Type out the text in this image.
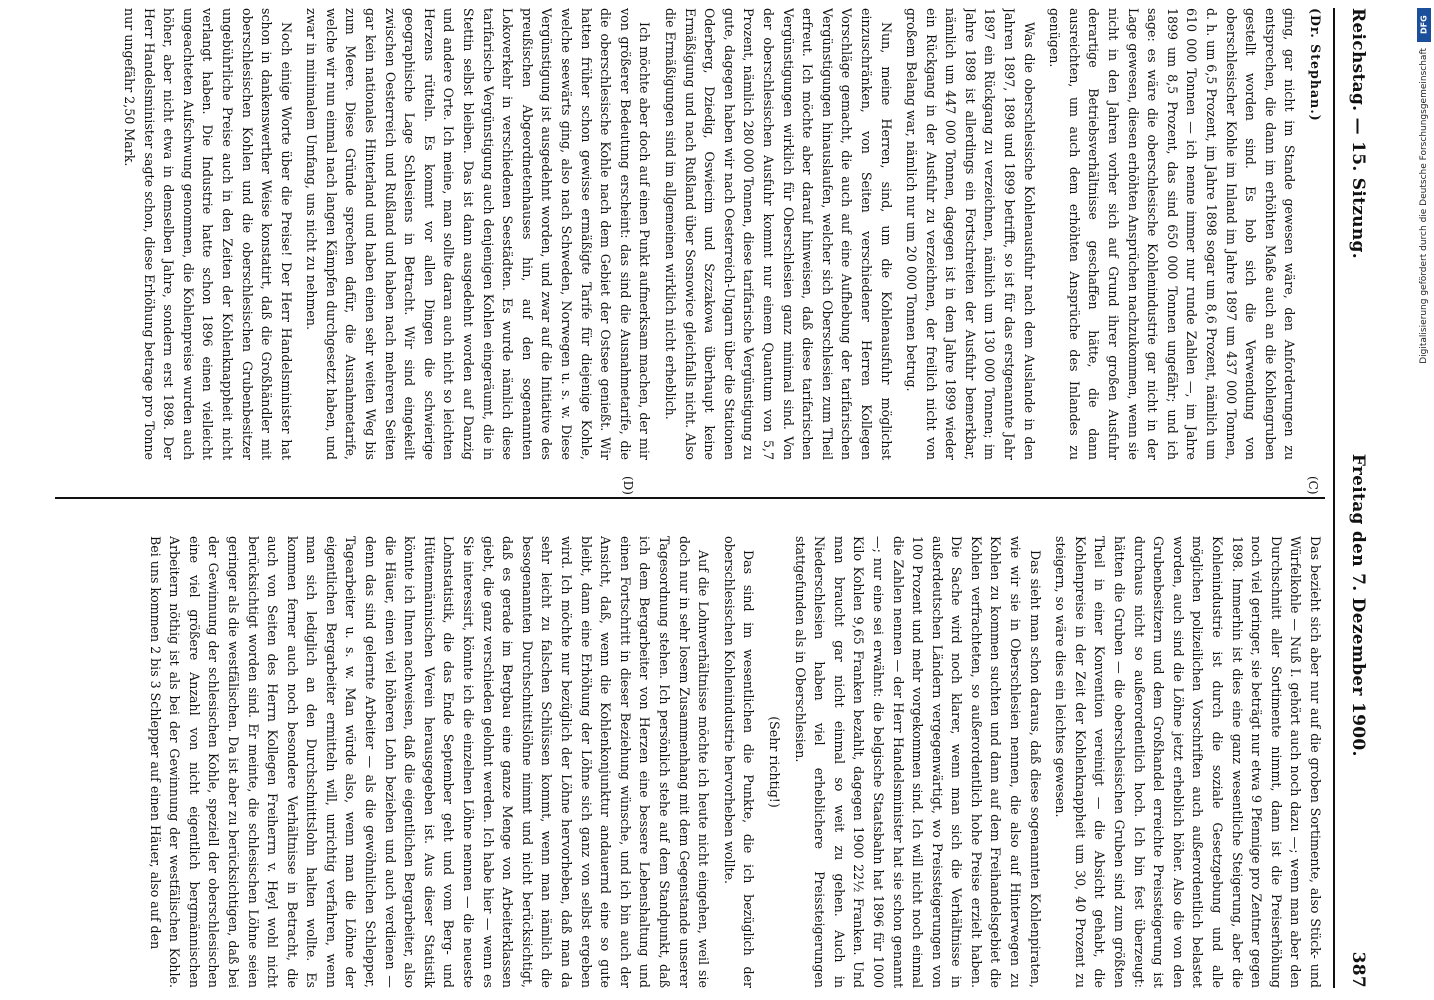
Reichstag. — 15. Sitzung.
Freitag den 7. Dezember 1900.
387

(Dr. Stephan.)

ging, gar nicht im Stande gewesen wäre, den Anforderungen zu entsprechen, die dann im erhöhten Maße auch an die Kohlengruben gestellt worden sind. Es hob sich die Verwendung von oberschlesischer Kohle im Inland im Jahre 1897 um 437 000 Tonnen, d. h. um 6,5 Prozent, im Jahre 1898 sogar um 8,6 Prozent, nämlich um 610 000 Tonnen — ich nenne immer nur runde Zahlen —, im Jahre 1899 um 8,5 Prozent, das sind 650 000 Tonnen ungefähr; und ich sage: es wäre die oberschlesische Kohlenindustrie gar nicht in der Lage gewesen, diesen erhöhten Ansprüchen nachzukommen, wenn sie nicht in den Jahren vorher sich auf Grund ihrer großen Ausfuhr derartige Betriebsverhältnisse geschaffen hätte, die dann ausreichten, um auch dem erhöhten Ansprüche des Inlandes zu genügen.

Was die oberschlesische Kohlenausfuhr nach dem Auslande in den Jahren 1897, 1898 und 1899 betrifft, so ist für das erstgenannte Jahr 1897 ein Rückgang zu verzeichnen, nämlich um 130 000 Tonnen; im Jahre 1898 ist allerdings ein Fortschreiten der Ausfuhr bemerkbar, nämlich um 447 000 Tonnen, dagegen ist in dem Jahre 1899 wieder ein Rückgang in der Ausfuhr zu verzeichnen, der freilich nicht von großem Belang war, nämlich nur um 20 000 Tonnen betrug.

Nun, meine Herren, sind, um die Kohlenausfuhr möglichst einzuschränken, von Seiten verschiedener Herren Kollegen Vorschläge gemacht, die auch auf eine Aufhebung der tarifarischen Vergünstigungen hinauslaufen, welcher sich Oberschlesien zum Theil erfreut. Ich möchte aber darauf hinweisen, daß diese tarifarischen Vergünstigungen wirklich für Oberschlesien ganz minimal sind. Von der oberschlesischen Ausfuhr kommt nur einem Quantum von 5,7 Prozent, nämlich 280 000 Tonnen, diese tarifarische Vergünstigung zu gute, dagegen haben wir nach Oesterreich-Ungarn über die Stationen Oderberg, Dziedig, Oswiecim und Szczakowa überhaupt keine Ermäßigung und nach Rußland über Sosnowice gleichfalls nicht. Also die Ermäßigungen sind im allgemeinen wirklich nicht erheblich.

Ich möchte aber doch auf einen Punkt aufmerksam machen, der mir von größerer Bedeutung erscheint: das sind die Ausnahmetarife, die die oberschlesische Kohle nach dem Gebiet der Ostsee genießt. Wir hatten früher schon gewisse ermäßigte Tarife für diejenige Kohle, welche seewärts ging, also nach Schweden, Norwegen u. s. w. Diese Vergünstigung ist ausgedehnt worden, und zwar auf die Initiative des preußischen Abgeordnetenhauses hin, auf den sogenannten Lokoverkehr in verschiedenen Seestädten. Es wurde nämlich diese tarifarische Vergünstigung auch denjenigen Kohlen eingeräumt, die in Stettin selbst bleiben. Das ist dann ausgedehnt worden auf Danzig und andere Orte. Ich meine, man sollte daran auch nicht so leichten Herzens rütteln. Es kommt vor allen Dingen die schwierige geographische Lage Schlesiens in Betracht. Wir sind eingekeilt zwischen Oesterreich und Rußland und haben nach mehreren Seiten gar kein nationales Hinterland und haben einen sehr weiten Weg bis zum Meere. Diese Gründe sprechen dafür, die Ausnahmetarife, welche wir nun einmal nach langen Kämpfen durchgesetzt haben, und zwar in minimalem Umfang, uns nicht zu nehmen.

Noch einige Worte über die Preise! Der Herr Handelsminister hat schon in dankenswerther Weise konstatirt, daß die Großhändler mit oberschlesischen Kohlen und die oberschlesischen Grubenbesitzer ungebührliche Preise auch in den Zeiten der Kohlenknappheit nicht verlangt haben. Die Industrie hatte schon 1896 einen vielleicht ungeachteten Aufschwung genommen, die Kohlenpreise wurden auch höher, aber nicht etwa in demselben Jahre, sondern erst 1898. Der Herr Handelsminister sagte schon, diese Erhöhung betrage pro Tonne nur ungefähr 2,50 Mark.

Das bezieht sich aber nur auf die groben Sortimente, also Stück- und Würfelkohle — Nuß I. gehört auch noch dazu —; wenn man aber den Durchschnitt aller Sortimente nimmt, dann ist die Preiserhöhung noch viel geringer, sie beträgt nur etwa 9 Pfennige pro Zentner gegen 1898. Immerhin ist dies eine ganz wesentliche Steigerung, aber die Kohlenindustrie ist durch die soziale Gesetzgebung und alle möglichen polizeilichen Vorschriften auch außerordentlich belastet worden, auch sind die Löhne jetzt erheblich höher. Also die von den Grubenbesitzern und dem Großhandel erreichte Preissteigerung ist durchaus nicht so außerordentlich hoch. Ich bin fest überzeugt: hätten die Gruben — die oberschlesischen Gruben sind zum größten Theil in einer Konvention vereinigt — die Absicht gehabt, die Kohlenpreise in der Zeit der Kohlenknappheit um 30, 40 Prozent zu steigern, so wäre dies ein leichtes gewesen.

Das sieht man schon daraus, daß diese sogenannten Kohlenpiraten, wie wir sie in Oberschlesien nennen, die also auf Hinterwegen zu Kohlen zu kommen suchten und dann auf dem Freihandelsgebiet die Kohlen verfrachteten, so außerordentlich hohe Preise erzielt haben. Die Sache wird noch klarer, wenn man sich die Verhältnisse in außerdeutschen Ländern vergegenwärtigt, wo Preissteigerungen von 100 Prozent und mehr vorgekommen sind. Ich will nicht noch einmal die Zahlen nennen — der Herr Handelsminister hat sie schon genannt —; nur eine sei erwähnt: die belgische Staatsbahn hat 1896 für 1000 Kilo Kohlen 9,65 Franken bezahlt, dagegen 1900 22½ Franken. Und man braucht gar nicht einmal so weit zu gehen. Auch in Niederschlesien haben viel erheblichere Preissteigerungen stattgefunden als in Oberschlesien.

(Sehr richtig!)

Das sind im wesentlichen die Punkte, die ich bezüglich der oberschlesischen Kohlenindustrie hervorheben wollte.

Auf die Lohnverhältnisse möchte ich heute nicht eingehen, weil sie doch nur in sehr losem Zusammenhang mit dem Gegenstande unserer Tagesordnung stehen. Ich persönlich stehe auf dem Standpunkt, daß ich dem Bergarbeiter von Herzen eine bessere Lebenshaltung und einen Fortschritt in dieser Beziehung wünsche, und ich bin auch der Ansicht, daß, wenn die Kohlenkonjunktur andauernd eine so gute bleibt, dann eine Erhöhung der Löhne sich ganz von selbst ergeben wird. Ich möchte nur bezüglich der Löhne hervorheben, daß man da sehr leicht zu falschen Schlüssen kommt, wenn man nämlich die besogenannten Durchschnittslöhne nimmt und nicht berücksichtigt, daß es gerade im Bergbau eine ganze Menge von Arbeiterklassen giebt, die ganz verschieden gelohnt werden. Ich habe hier — wenn es Sie interessirt, könnte ich die einzelnen Löhne nennen — die neueste Lohnstatistik, die das Ende September geht und vom Berg- und Hüttenmännischen Verein herausgegeben ist. Aus dieser Statistik könnte ich Ihnen nachweisen, daß die eigentlichen Bergarbeiter, also die Häuer, einen viel höheren Lohn beziehen und auch verdienen — denn das sind gelernte Arbeiter — als die gewöhnlichen Schlepper, Tagearbeiter u. s. w. Man würde also, wenn man die Löhne der eigentlichen Bergarbeiter ermitteln will, unrichtig verfahren, wenn man sich lediglich an den Durchschnittslohn halten wollte. Es kommen ferner auch noch besondere Verhältnisse in Betracht, die auch von Seiten des Herrn Kollegen Freiherrn v. Heyl wohl nicht berücksichtigt worden sind. Er meinte, die schlesischen Löhne seien geringer als die westfälischen. Da ist aber zu berücksichtigen, daß bei der Gewinnung der schlesischen Kohle, speziell der oberschlesischen eine viel größere Anzahl von nicht eigentlich bergmännischen Arbeitern nöthig ist als bei der Gewinnung der westfälischen Kohle. Bei uns kommen 2 bis 3 Schlepper auf einen Häuer, also auf den

(C)
(D)
DFG
Digitalisierung gefördert durch die Deutsche Forschungsgemeinschaft
